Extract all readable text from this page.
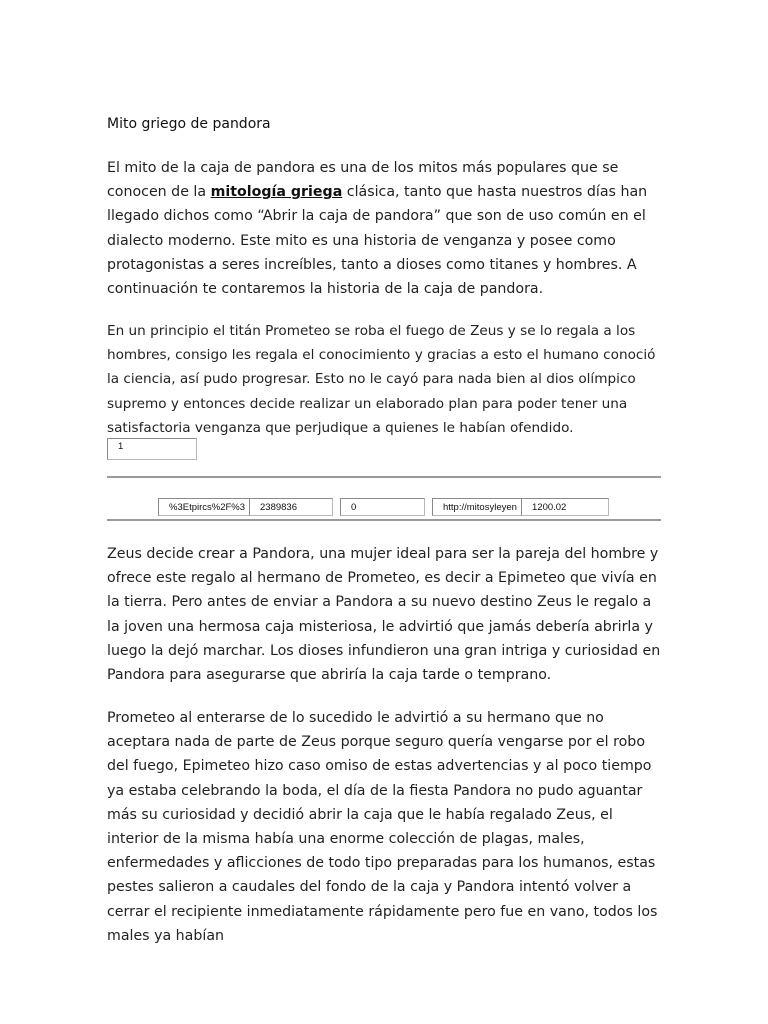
Mito griego de pandora

El mito de la caja de pandora es una de los mitos más populares que se conocen de la mitología griega clásica, tanto que hasta nuestros días han llegado dichos como “Abrir la caja de pandora” que son de uso común en el dialecto moderno. Este mito es una historia de venganza y posee como protagonistas a seres increíbles, tanto a dioses como titanes y hombres. A continuación te contaremos la historia de la caja de pandora.

En un principio el titán Prometeo se roba el fuego de Zeus y se lo regala a los hombres, consigo les regala el conocimiento y gracias a esto el humano conoció la ciencia, así pudo progresar. Esto no le cayó para nada bien al dios olímpico supremo y entonces decide realizar un elaborado plan para poder tener una satisfactoria venganza que perjudique a quienes le habían ofendido.

Zeus decide crear a Pandora, una mujer ideal para ser la pareja del hombre y ofrece este regalo al hermano de Prometeo, es decir a Epimeteo que vivía en la tierra. Pero antes de enviar a Pandora a su nuevo destino Zeus le regalo a la joven una hermosa caja misteriosa, le advirtió que jamás debería abrirla y luego la dejó marchar. Los dioses infundieron una gran intriga y curiosidad en Pandora para asegurarse que abriría la caja tarde o temprano.

Prometeo al enterarse de lo sucedido le advirtió a su hermano que no aceptara nada de parte de Zeus porque seguro quería vengarse por el robo del fuego, Epimeteo hizo caso omiso de estas advertencias y al poco tiempo ya estaba celebrando la boda, el día de la fiesta Pandora no pudo aguantar más su curiosidad y decidió abrir la caja que le había regalado Zeus, el interior de la misma había una enorme colección de plagas, males, enfermedades y aflicciones de todo tipo preparadas para los humanos, estas pestes salieron a caudales del fondo de la caja y Pandora intentó volver a cerrar el recipiente inmediatamente rápidamente pero fue en vano, todos los males ya habían

1
%3Etpircs%2F%3	2389836	0	http://mitosyleyen	1200.02
